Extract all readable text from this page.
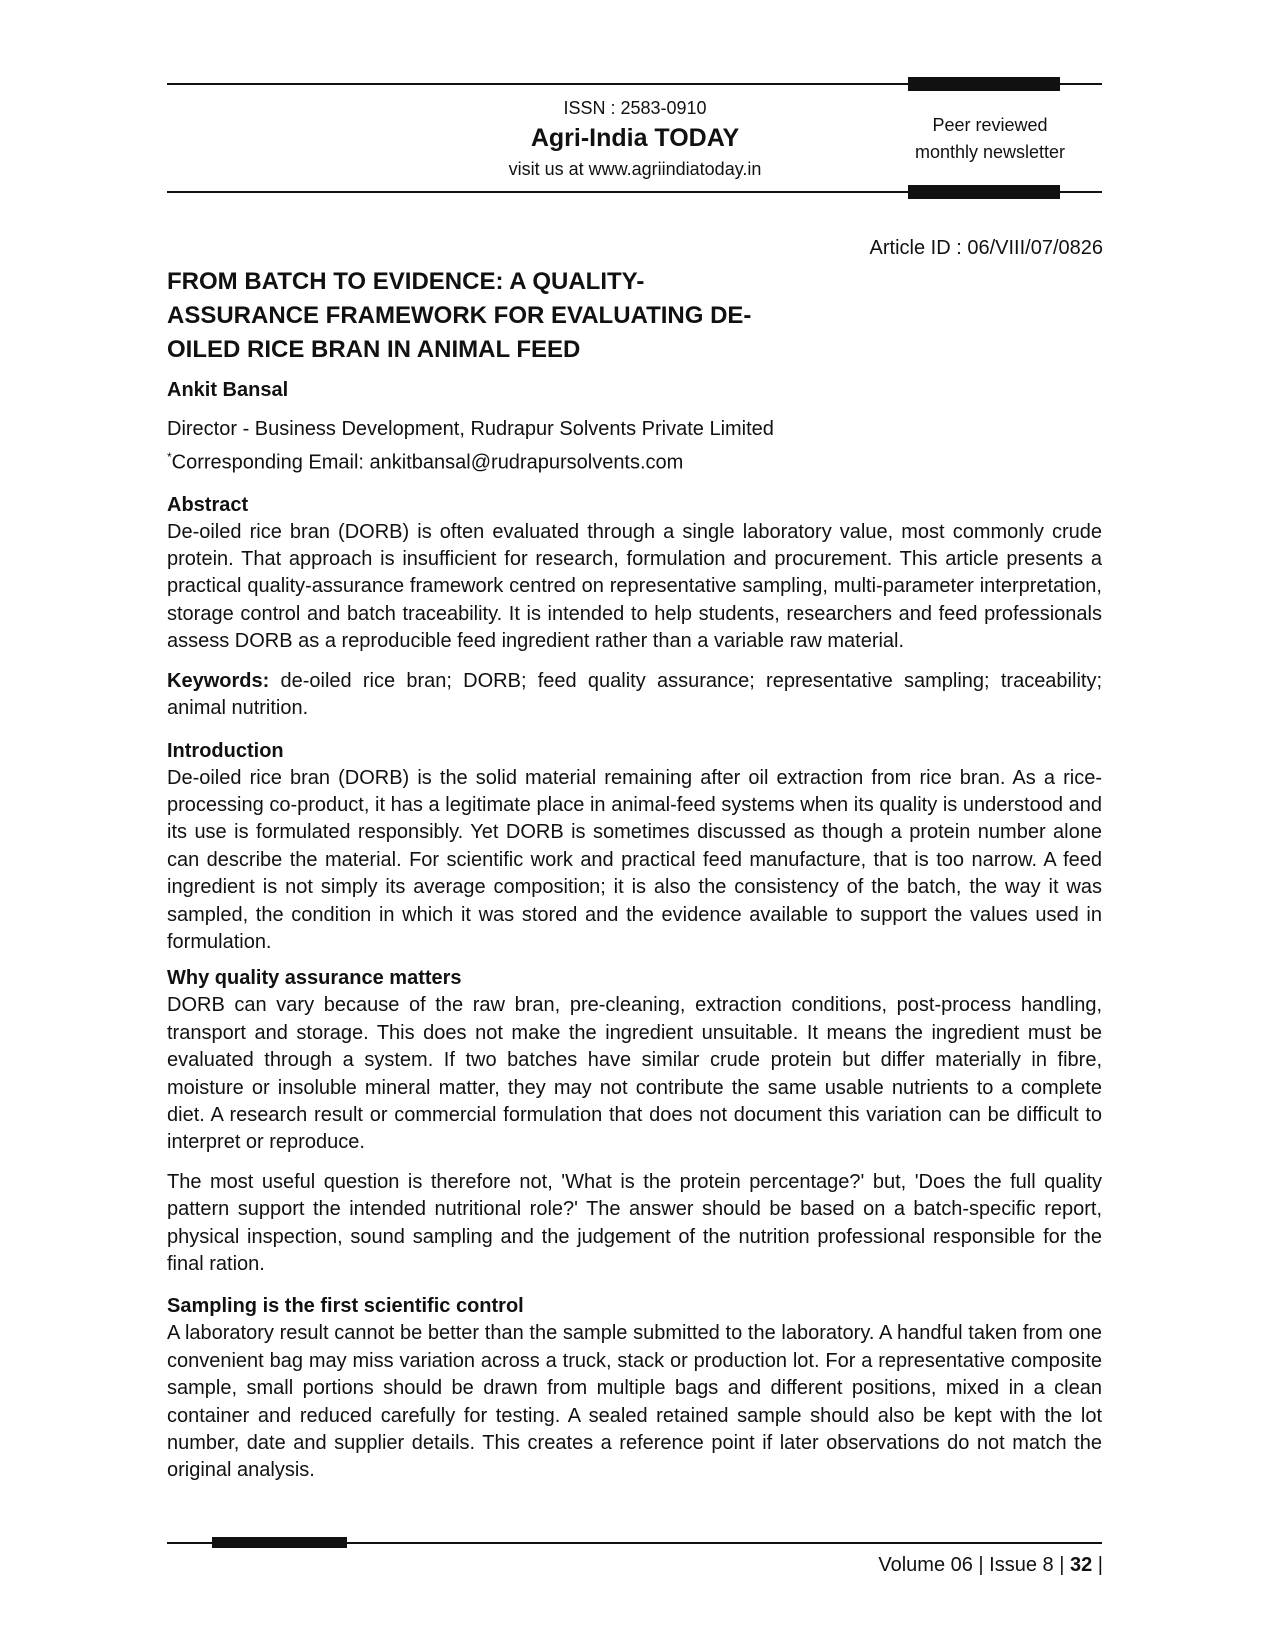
ISSN : 2583-0910
Agri-India TODAY
visit us at www.agriindiatoday.in
Peer reviewed
monthly newsletter
Article ID : 06/VIII/07/0826
FROM BATCH TO EVIDENCE: A QUALITY-ASSURANCE FRAMEWORK FOR EVALUATING DE-OILED RICE BRAN IN ANIMAL FEED
Ankit Bansal
Director - Business Development, Rudrapur Solvents Private Limited
*Corresponding Email: ankitbansal@rudrapursolvents.com
Abstract

De-oiled rice bran (DORB) is often evaluated through a single laboratory value, most commonly crude protein. That approach is insufficient for research, formulation and procurement. This article presents a practical quality-assurance framework centred on representative sampling, multi-parameter interpretation, storage control and batch traceability. It is intended to help students, researchers and feed professionals assess DORB as a reproducible feed ingredient rather than a variable raw material.

Keywords: de-oiled rice bran; DORB; feed quality assurance; representative sampling; traceability; animal nutrition.

Introduction

De-oiled rice bran (DORB) is the solid material remaining after oil extraction from rice bran. As a rice-processing co-product, it has a legitimate place in animal-feed systems when its quality is understood and its use is formulated responsibly. Yet DORB is sometimes discussed as though a protein number alone can describe the material. For scientific work and practical feed manufacture, that is too narrow. A feed ingredient is not simply its average composition; it is also the consistency of the batch, the way it was sampled, the condition in which it was stored and the evidence available to support the values used in formulation.

Why quality assurance matters

DORB can vary because of the raw bran, pre-cleaning, extraction conditions, post-process handling, transport and storage. This does not make the ingredient unsuitable. It means the ingredient must be evaluated through a system. If two batches have similar crude protein but differ materially in fibre, moisture or insoluble mineral matter, they may not contribute the same usable nutrients to a complete diet. A research result or commercial formulation that does not document this variation can be difficult to interpret or reproduce.

The most useful question is therefore not, 'What is the protein percentage?' but, 'Does the full quality pattern support the intended nutritional role?' The answer should be based on a batch-specific report, physical inspection, sound sampling and the judgement of the nutrition professional responsible for the final ration.

Sampling is the first scientific control

A laboratory result cannot be better than the sample submitted to the laboratory. A handful taken from one convenient bag may miss variation across a truck, stack or production lot. For a representative composite sample, small portions should be drawn from multiple bags and different positions, mixed in a clean container and reduced carefully for testing. A sealed retained sample should also be kept with the lot number, date and supplier details. This creates a reference point if later observations do not match the original analysis.

Volume 06 | Issue 8 | 32 |
